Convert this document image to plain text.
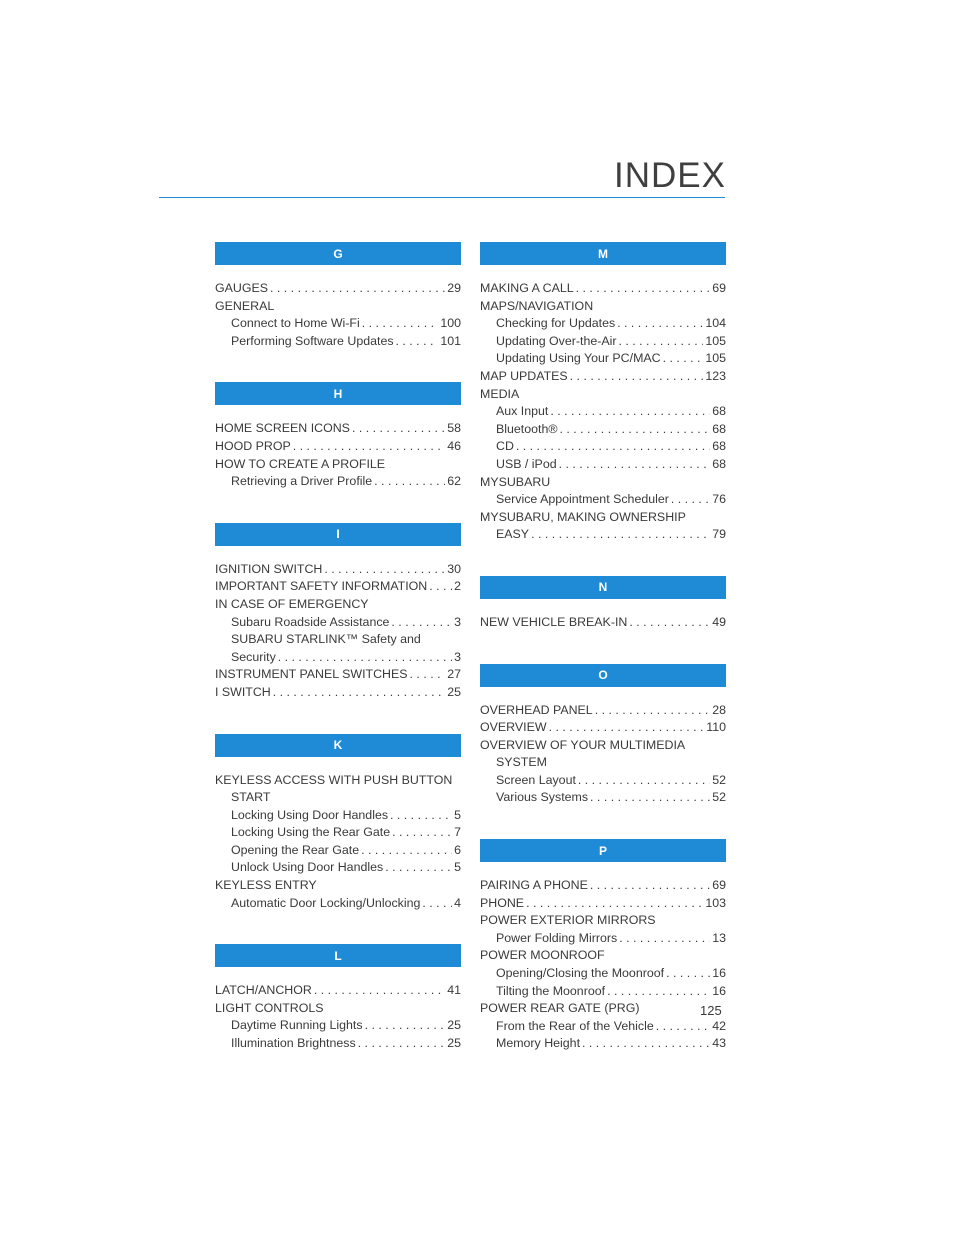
INDEX
G
GAUGES . . .	29
GENERAL
Connect to Home Wi-Fi . . .	100
Performing Software Updates . . .	101
H
HOME SCREEN ICONS . . .	58
HOOD PROP . . .	46
HOW TO CREATE A PROFILE
Retrieving a Driver Profile . . .	62
I
IGNITION SWITCH . . .	30
IMPORTANT SAFETY INFORMATION . . . 2
IN CASE OF EMERGENCY
Subaru Roadside Assistance . . .	3
SUBARU STARLINK™ Safety and
Security . . .	3
INSTRUMENT PANEL SWITCHES . . .	27
I SWITCH . . .	25
K
KEYLESS ACCESS WITH PUSH BUTTON
START
Locking Using Door Handles . . .	5
Locking Using the Rear Gate . . .	7
Opening the Rear Gate . . .	6
Unlock Using Door Handles . . .	5
KEYLESS ENTRY
Automatic Door Locking/Unlocking . . .	4
L
LATCH/ANCHOR . . .	41
LIGHT CONTROLS
Daytime Running Lights . . .	25
Illumination Brightness . . .	25
M
MAKING A CALL . . .	69
MAPS/NAVIGATION
Checking for Updates . . .	104
Updating Over-the-Air . . .	105
Updating Using Your PC/MAC . . .	105
MAP UPDATES . . .	123
MEDIA
Aux Input . . .	68
Bluetooth® . . .	68
CD . . .	68
USB / iPod . . .	68
MYSUBARU
Service Appointment Scheduler . . .	76
MYSUBARU, MAKING OWNERSHIP
EASY . . .	79
N
NEW VEHICLE BREAK-IN . . .	49
O
OVERHEAD PANEL . . .	28
OVERVIEW . . .	110
OVERVIEW OF YOUR MULTIMEDIA
SYSTEM
Screen Layout . . .	52
Various Systems . . .	52
P
PAIRING A PHONE . . .	69
PHONE . . .	103
POWER EXTERIOR MIRRORS
Power Folding Mirrors . . .	13
POWER MOONROOF
Opening/Closing the Moonroof . . .	16
Tilting the Moonroof . . .	16
POWER REAR GATE (PRG)
From the Rear of the Vehicle . . .	42
Memory Height . . .	43
125
